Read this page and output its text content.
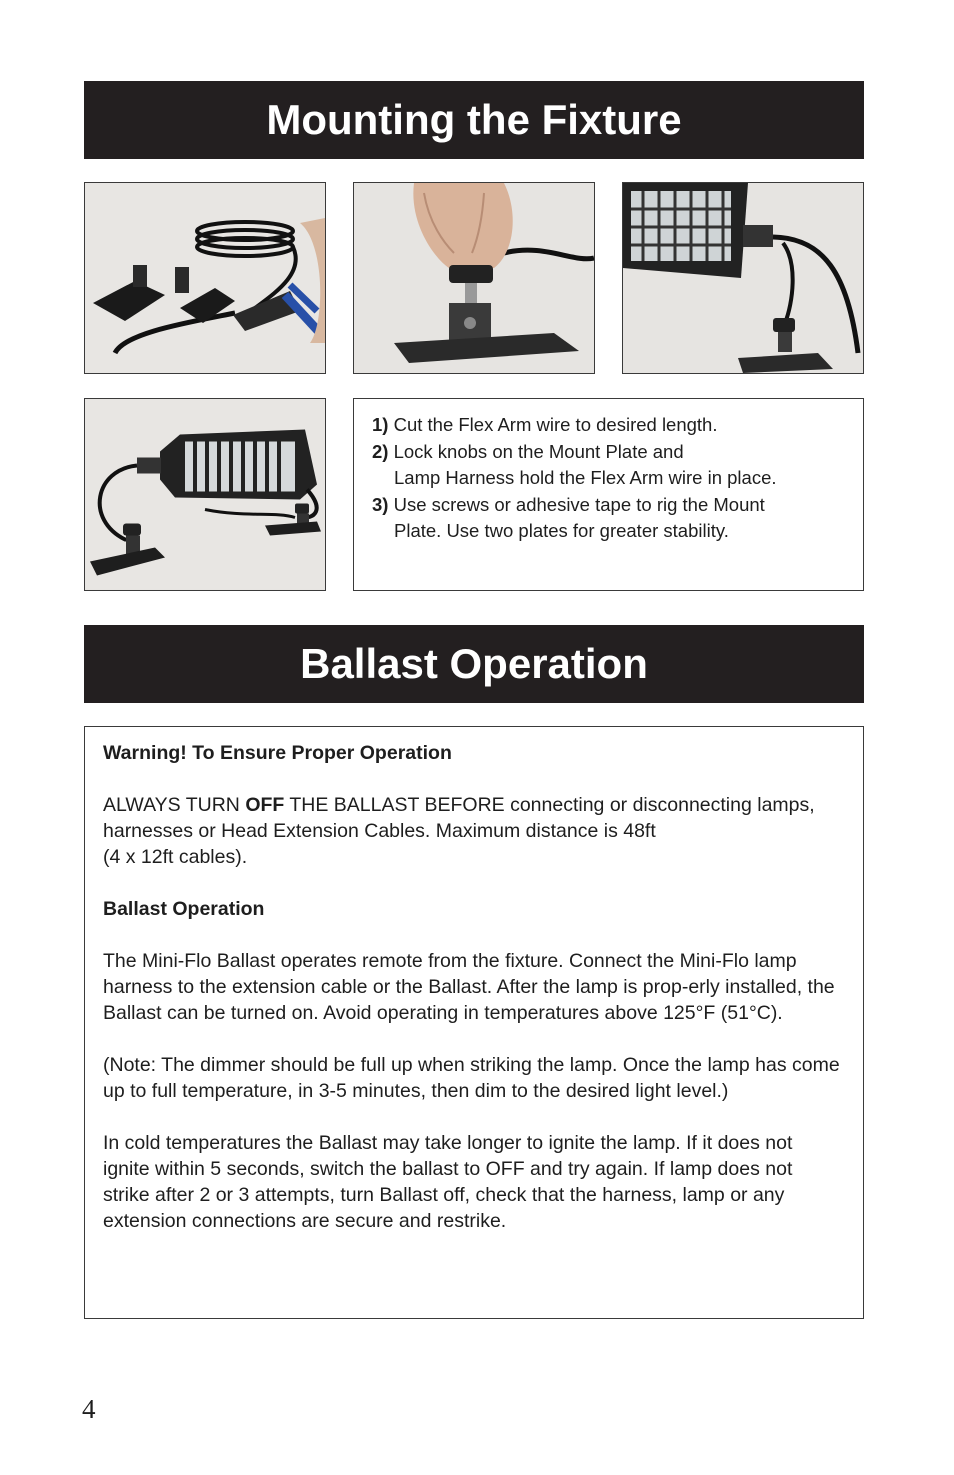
Mounting the Fixture

1) Cut the Flex Arm wire to desired length.

2) Lock knobs on the Mount Plate and
Lamp Harness hold the Flex Arm wire in place.

3) Use screws or adhesive tape to rig the Mount
Plate. Use two plates for greater stability.

Ballast Operation

Warning! To Ensure Proper Operation

ALWAYS TURN OFF THE BALLAST BEFORE connecting or disconnecting lamps, harnesses or Head Extension Cables. Maximum distance is 48ft
(4 x 12ft cables).

Ballast Operation

The Mini-Flo Ballast operates remote from the fixture. Connect the Mini-Flo lamp harness to the extension cable or the Ballast. After the lamp is prop-erly installed, the Ballast can be turned on. Avoid operating in temperatures above 125°F (51°C).

(Note: The dimmer should be full up when striking the lamp. Once the lamp has come up to full temperature, in 3-5 minutes, then dim to the desired light level.)

In cold temperatures the Ballast may take longer to ignite the lamp. If it does not ignite within 5 seconds, switch the ballast to OFF and try again. If lamp does not strike after 2 or 3 attempts, turn Ballast off, check that the harness, lamp or any extension connections are secure and restrike.

4
